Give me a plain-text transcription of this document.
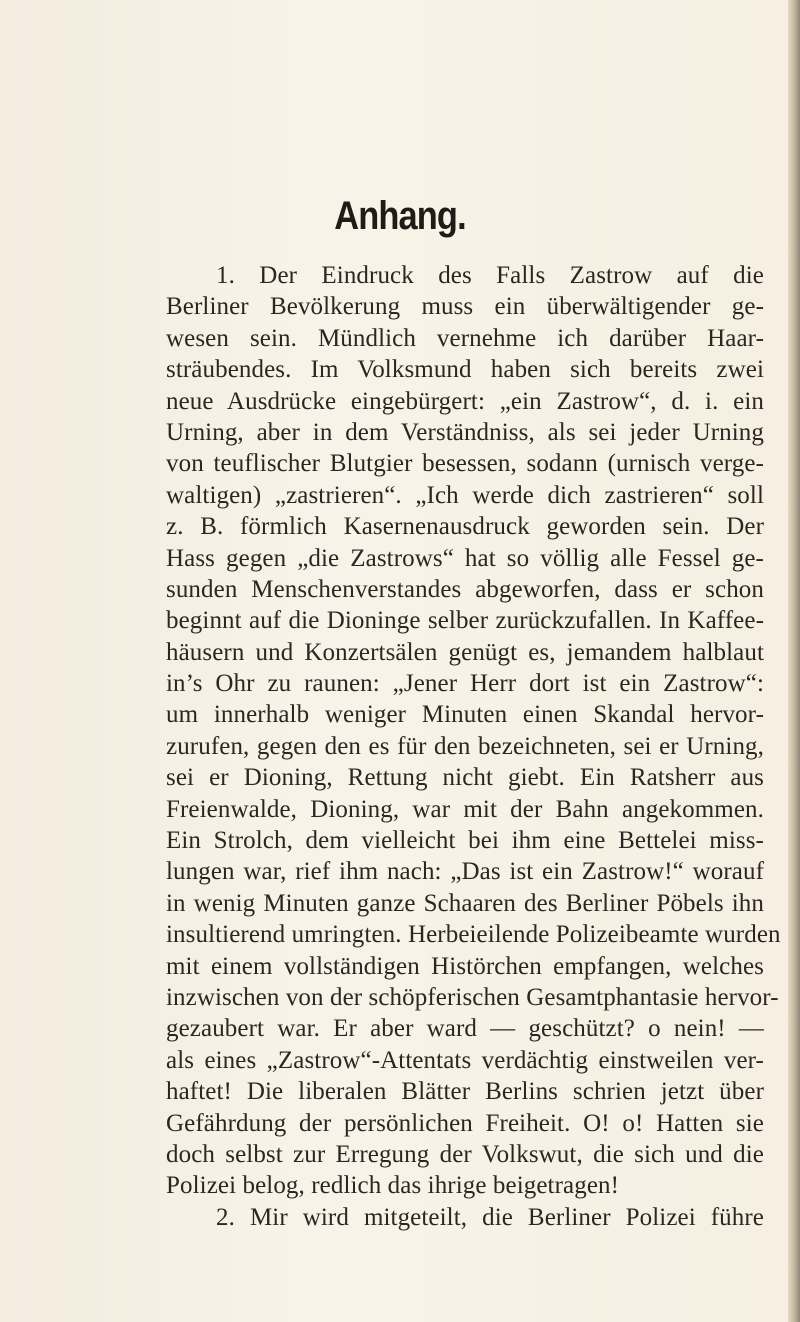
Anhang.
1. Der Eindruck des Falls Zastrow auf die
Berliner Bevölkerung muss ein überwältigender ge-
wesen sein. Mündlich vernehme ich darüber Haar-
sträubendes. Im Volksmund haben sich bereits zwei
neue Ausdrücke eingebürgert: „ein Zastrow“, d. i. ein
Urning, aber in dem Verständniss, als sei jeder Urning
von teuflischer Blutgier besessen, sodann (urnisch verge-
waltigen) „zastrieren“. „Ich werde dich zastrieren“ soll
z. B. förmlich Kasernenausdruck geworden sein. Der
Hass gegen „die Zastrows“ hat so völlig alle Fessel ge-
sunden Menschenverstandes abgeworfen, dass er schon
beginnt auf die Dioninge selber zurückzufallen. In Kaffee-
häusern und Konzertsälen genügt es, jemandem halblaut
in’s Ohr zu raunen: „Jener Herr dort ist ein Zastrow“:
um innerhalb weniger Minuten einen Skandal hervor-
zurufen, gegen den es für den bezeichneten, sei er Urning,
sei er Dioning, Rettung nicht giebt. Ein Ratsherr aus
Freienwalde, Dioning, war mit der Bahn angekommen.
Ein Strolch, dem vielleicht bei ihm eine Bettelei miss-
lungen war, rief ihm nach: „Das ist ein Zastrow!“ worauf
in wenig Minuten ganze Schaaren des Berliner Pöbels ihn
insultierend umringten. Herbeieilende Polizeibeamte wurden
mit einem vollständigen Histörchen empfangen, welches
inzwischen von der schöpferischen Gesamtphantasie hervor-
gezaubert war. Er aber ward — geschützt? o nein! —
als eines „Zastrow“-Attentats verdächtig einstweilen ver-
haftet! Die liberalen Blätter Berlins schrien jetzt über
Gefährdung der persönlichen Freiheit. O! o! Hatten sie
doch selbst zur Erregung der Volkswut, die sich und die
Polizei belog, redlich das ihrige beigetragen!
2. Mir wird mitgeteilt, die Berliner Polizei führe
